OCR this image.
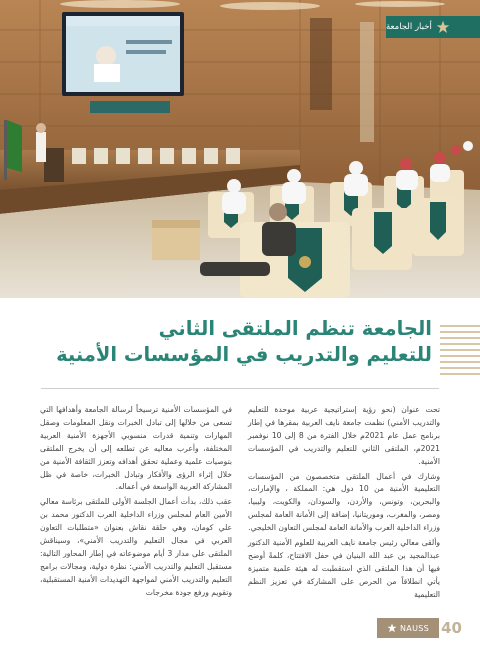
أخبار الجامعة
الجامعة تنظم الملتقى الثاني
للتعليم والتدريب في المؤسسات الأمنية

تحت عنوان (نحو رؤية إستراتيجية عربية موحدة للتعليم والتدريب الأمني) نظمت جامعة نايف العربية بمقرها في إطار برنامج عمل عام 2021م خلال الفترة من 8 إلى 10 نوفمبر 2021م، الملتقى الثاني للتعليم والتدريب في المؤسسات الأمنية.

وشارك في أعمال الملتقى متخصصون من المؤسسات التعليمية الأمنية من 10 دول هي: المملكة ، والإمارات، والبحرين، وتونس، والأردن، والسودان، والكويت، وليبيا، ومصر، والمغرب، وموريتانيا، إضافة إلى الأمانة العامة لمجلس وزراء الداخلية العرب والأمانة العامة لمجلس التعاون الخليجي.

وألقى معالي رئيس جامعة نايف العربية للعلوم الأمنية الدكتور عبدالمجيد بن عبد الله البنيان في حفل الافتتاح، كلمةً أوضح فيها أن هذا الملتقى الذي استقطبت له هيئة علمية متميزة يأتي انطلاقاً من الحرص على المشاركة في تعزيز النظم التعليمية

في المؤسسات الأمنية ترسيخاً لرسالة الجامعة وأهدافها التي تسعى من خلالها إلى تبادل الخبرات ونقل المعلومات وصقل المهارات وتنمية قدرات منسوبي الأجهزة الأمنية العربية المختلفة، وأعرب معاليه عن تطلعه إلى أن يخرج الملتقى بتوصيات علمية وعملية تحقق أهدافه وتعزز الثقافة الأمنية من خلال إثراء الرؤى والأفكار وتبادل الخبرات، خاصة في ظل المشاركة العربية الواسعة في أعماله.

عقب ذلك، بدأت أعمال الجلسة الأولى للملتقى برئاسة معالي الأمين العام لمجلس وزراء الداخلية العرب الدكتور محمد بن علي كومان، وهي حلقة نقاش بعنوان «متطلبات التعاون العربي في مجال التعليم والتدريب الأمني»، وسيناقش الملتقى على مدار 3 أيام موضوعاته في إطار المحاور التالية: مستقبل التعليم والتدريب الأمني: نظرة دولية، ومجالات برامج التعليم والتدريب الأمني لمواجهة التهديدات الأمنية المستقبلية، وتقويم ورفع جودة مخرجات

NAUSS 40
